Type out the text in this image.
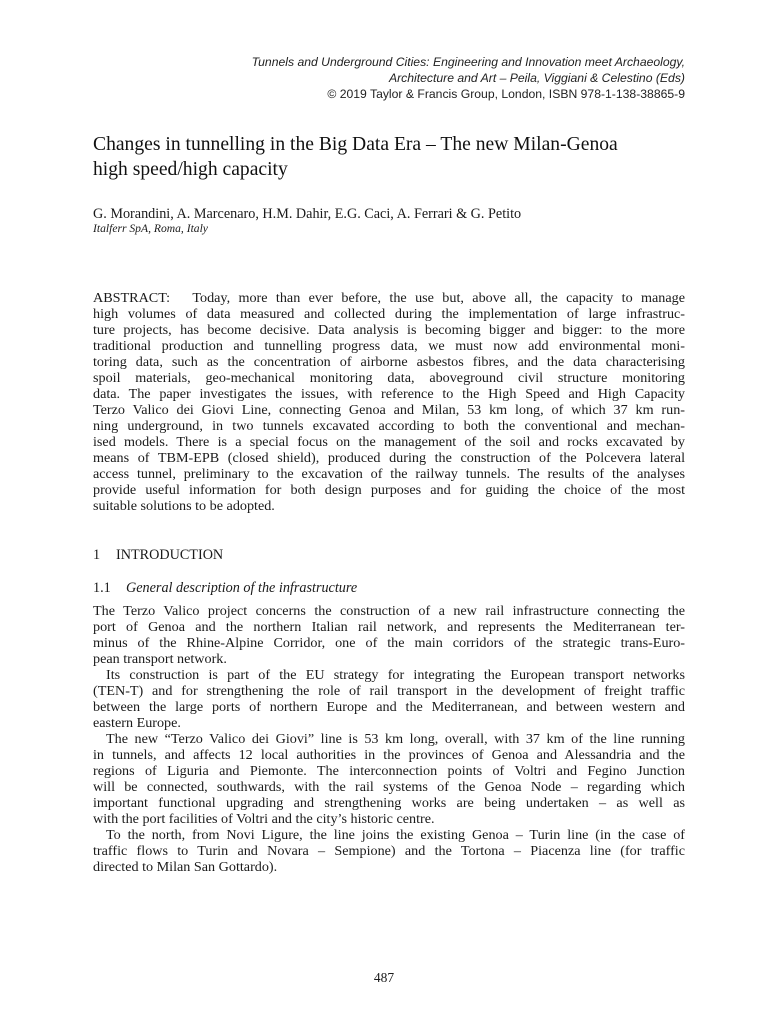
Tunnels and Underground Cities: Engineering and Innovation meet Archaeology,
Architecture and Art – Peila, Viggiani & Celestino (Eds)
© 2019 Taylor & Francis Group, London, ISBN 978-1-138-38865-9
Changes in tunnelling in the Big Data Era – The new Milan-Genoa
high speed/high capacity
G. Morandini, A. Marcenaro, H.M. Dahir, E.G. Caci, A. Ferrari & G. Petito
Italferr SpA, Roma, Italy
ABSTRACT:  Today, more than ever before, the use but, above all, the capacity to manage
high volumes of data measured and collected during the implementation of large infrastruc-
ture projects, has become decisive. Data analysis is becoming bigger and bigger: to the more
traditional production and tunnelling progress data, we must now add environmental moni-
toring data, such as the concentration of airborne asbestos fibres, and the data characterising
spoil materials, geo-mechanical monitoring data, aboveground civil structure monitoring
data. The paper investigates the issues, with reference to the High Speed and High Capacity
Terzo Valico dei Giovi Line, connecting Genoa and Milan, 53 km long, of which 37 km run-
ning underground, in two tunnels excavated according to both the conventional and mechan-
ised models. There is a special focus on the management of the soil and rocks excavated by
means of TBM-EPB (closed shield), produced during the construction of the Polcevera lateral
access tunnel, preliminary to the excavation of the railway tunnels. The results of the analyses
provide useful information for both design purposes and for guiding the choice of the most
suitable solutions to be adopted.
1 INTRODUCTION
1.1 General description of the infrastructure
The Terzo Valico project concerns the construction of a new rail infrastructure connecting the
port of Genoa and the northern Italian rail network, and represents the Mediterranean ter-
minus of the Rhine-Alpine Corridor, one of the main corridors of the strategic trans-Euro-
pean transport network.
Its construction is part of the EU strategy for integrating the European transport networks
(TEN-T) and for strengthening the role of rail transport in the development of freight traffic
between the large ports of northern Europe and the Mediterranean, and between western and
eastern Europe.
The new “Terzo Valico dei Giovi” line is 53 km long, overall, with 37 km of the line running
in tunnels, and affects 12 local authorities in the provinces of Genoa and Alessandria and the
regions of Liguria and Piemonte. The interconnection points of Voltri and Fegino Junction
will be connected, southwards, with the rail systems of the Genoa Node – regarding which
important functional upgrading and strengthening works are being undertaken – as well as
with the port facilities of Voltri and the city’s historic centre.
To the north, from Novi Ligure, the line joins the existing Genoa – Turin line (in the case of
traffic flows to Turin and Novara – Sempione) and the Tortona – Piacenza line (for traffic
directed to Milan San Gottardo).
487
